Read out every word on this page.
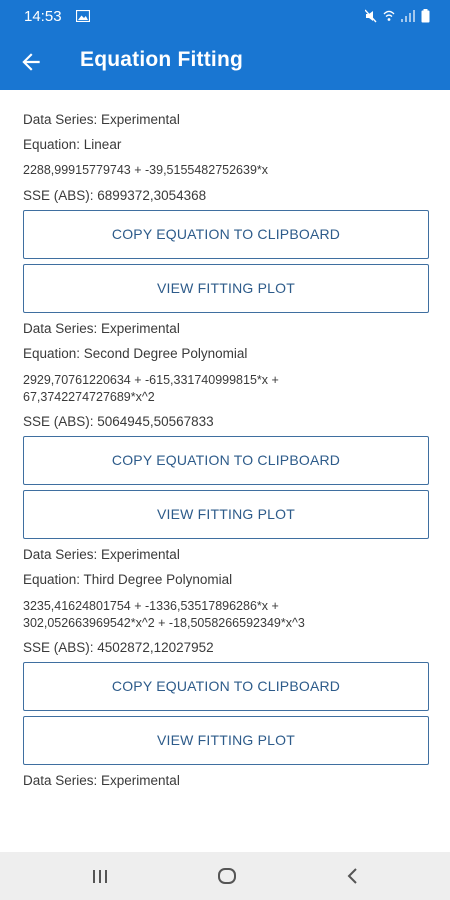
14:53
Equation Fitting
Data Series: Experimental
Equation: Linear
2288,99915779743 + -39,5155482752639*x
SSE (ABS): 6899372,3054368
COPY EQUATION TO CLIPBOARD
VIEW FITTING PLOT
Data Series: Experimental
Equation: Second Degree Polynomial
2929,70761220634 + -615,331740999815*x +
67,3742274727689*x^2
SSE (ABS): 5064945,50567833
COPY EQUATION TO CLIPBOARD
VIEW FITTING PLOT
Data Series: Experimental
Equation: Third Degree Polynomial
3235,41624801754 + -1336,53517896286*x +
302,052663969542*x^2 + -18,5058266592349*x^3
SSE (ABS): 4502872,12027952
COPY EQUATION TO CLIPBOARD
VIEW FITTING PLOT
Data Series: Experimental
